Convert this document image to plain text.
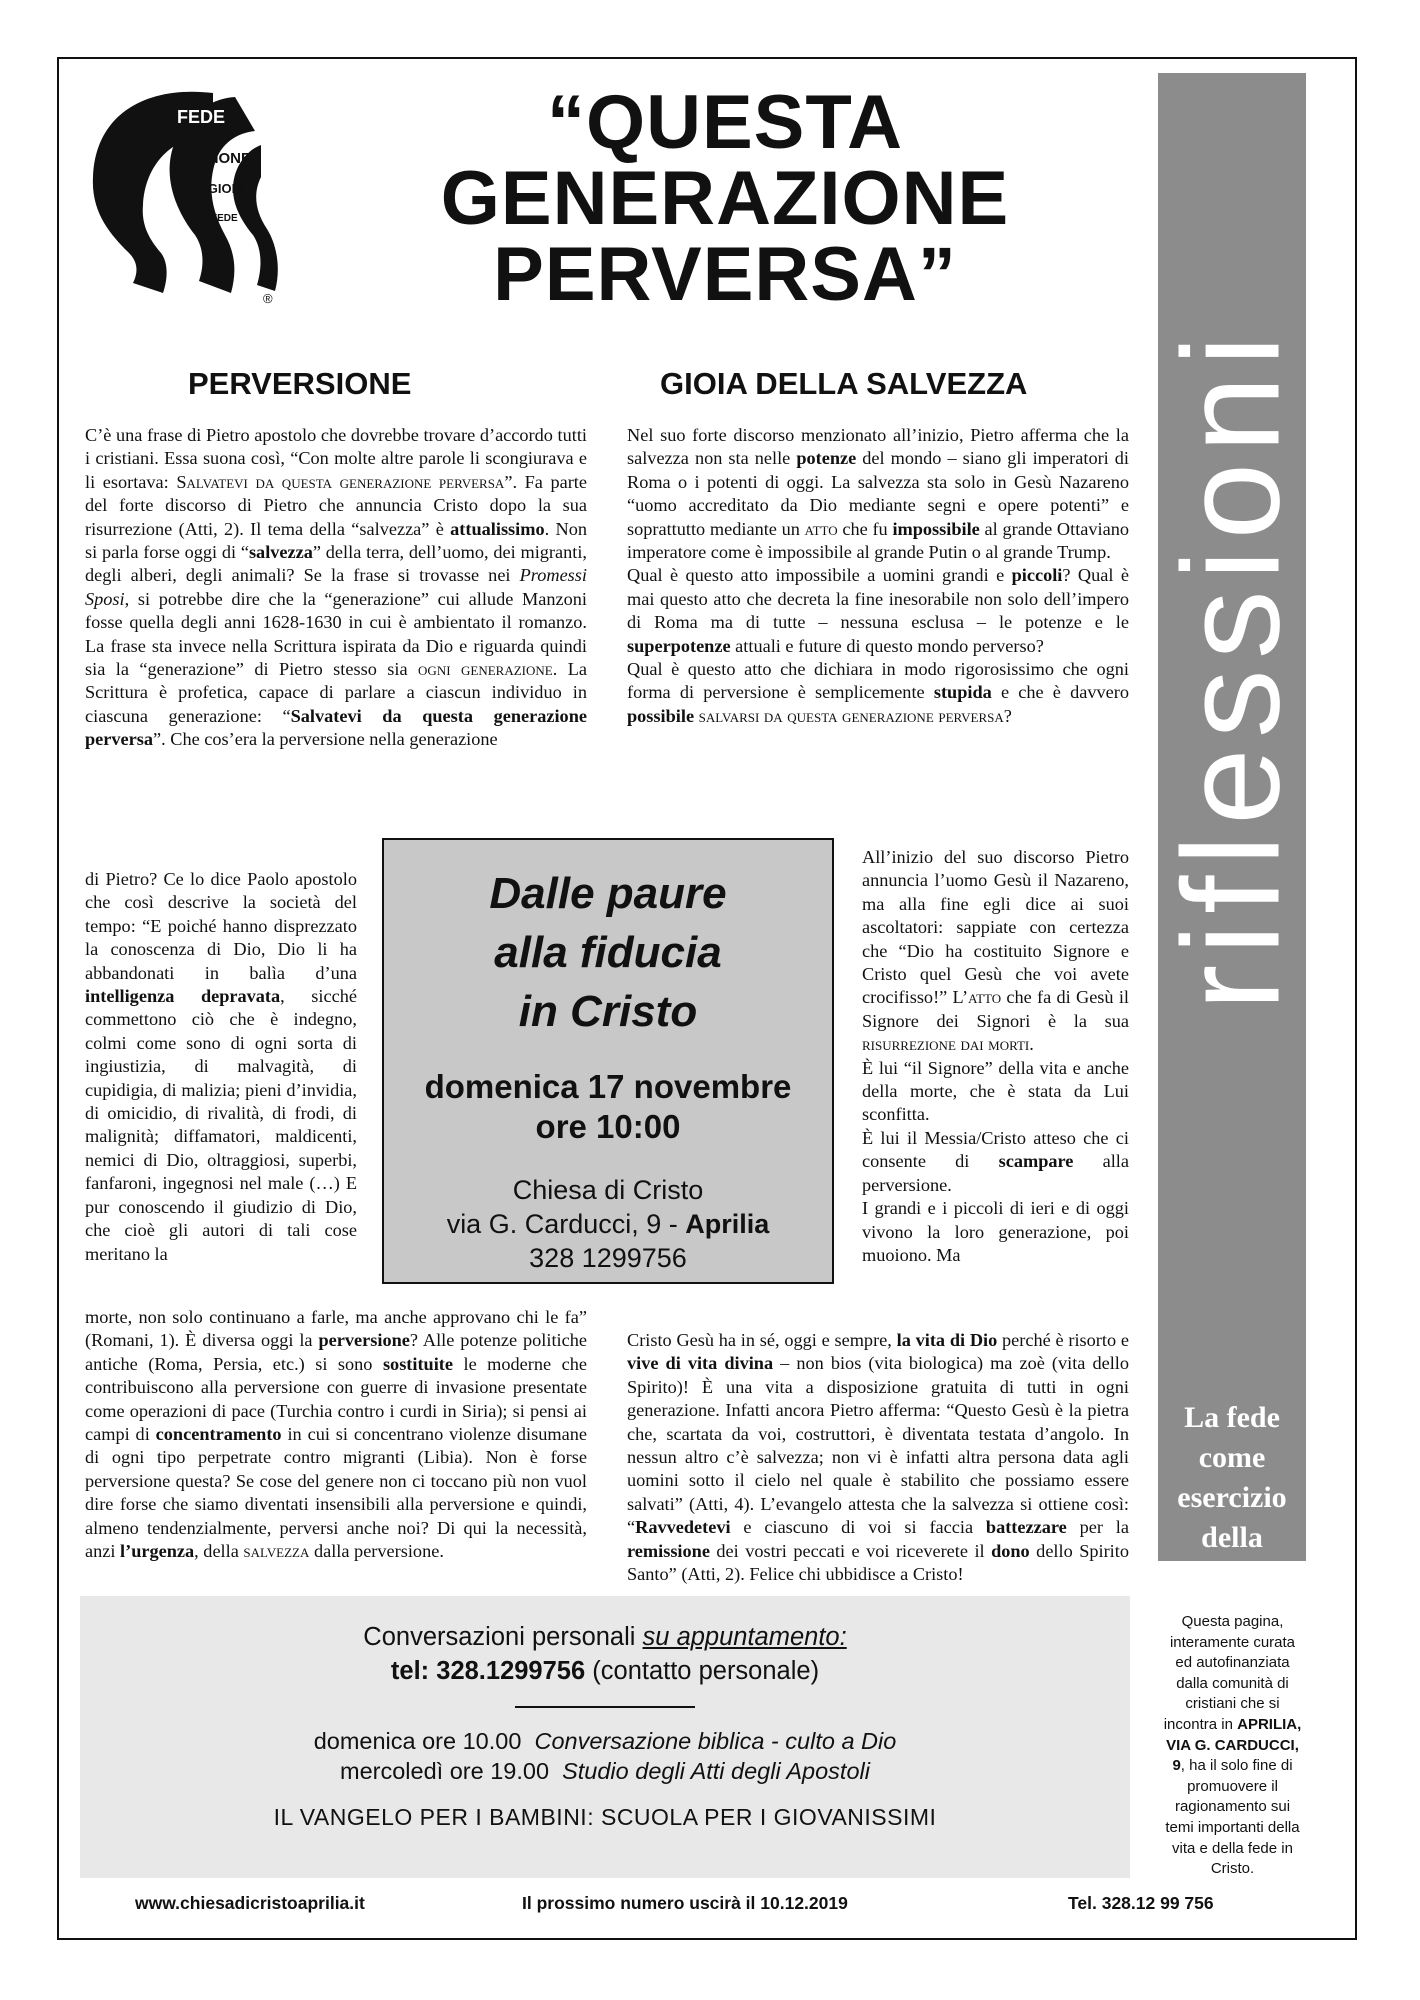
FEDE
RAGIONE
RAGIONE
FEDE
®
“QUESTA
GENERAZIONE
PERVERSA”
riflessioni
La fede
come
esercizio
della
mente
PERVERSIONE	GIOIA DELLA SALVEZZA

C’è una frase di Pietro apostolo che dovrebbe trovare d’accordo tutti i cristiani. Essa suona così, “Con molte altre parole li scongiurava e li esortava: Salvatevi da questa generazione perversa”. Fa parte del forte discorso di Pietro che annuncia Cristo dopo la sua risurrezione (Atti, 2). Il tema della “salvezza” è attualissimo. Non si parla forse oggi di “salvezza” della terra, dell’uomo, dei migranti, degli alberi, degli animali? Se la frase si trovasse nei Promessi Sposi, si potrebbe dire che la “generazione” cui allude Manzoni fosse quella degli anni 1628-1630 in cui è ambientato il romanzo. La frase sta invece nella Scrittura ispirata da Dio e riguarda quindi sia la “generazione” di Pietro stesso sia ogni generazione. La Scrittura è profetica, capace di parlare a ciascun individuo in ciascuna generazione: “Salvatevi da questa generazione perversa”. Che cos’era la perversione nella generazione

di Pietro? Ce lo dice Paolo apostolo che così descrive la società del tempo: “E poiché hanno disprezzato la conoscenza di Dio, Dio li ha abbandonati in balìa d’una intelligenza depravata, sicché commettono ciò che è indegno, colmi come sono di ogni sorta di ingiustizia, di malvagità, di cupidigia, di malizia; pieni d’invidia, di omicidio, di rivalità, di frodi, di malignità; diffamatori, maldicenti, nemici di Dio, oltraggiosi, superbi, fanfaroni, ingegnosi nel male (…) E pur conoscendo il giudizio di Dio, che cioè gli autori di tali cose meritano la

morte, non solo continuano a farle, ma anche approvano chi le fa” (Romani, 1). È diversa oggi la perversione? Alle potenze politiche antiche (Roma, Persia, etc.) si sono sostituite le moderne che contribuiscono alla perversione con guerre di invasione presentate come operazioni di pace (Turchia contro i curdi in Siria); si pensi ai campi di concentramento in cui si concentrano violenze disumane di ogni tipo perpetrate contro migranti (Libia). Non è forse perversione questa? Se cose del genere non ci toccano più non vuol dire forse che siamo diventati insensibili alla perversione e quindi, almeno tendenzialmente, perversi anche noi? Di qui la necessità, anzi l’urgenza, della salvezza dalla perversione.

Nel suo forte discorso menzionato all’inizio, Pietro afferma che la salvezza non sta nelle potenze del mondo – siano gli imperatori di Roma o i potenti di oggi. La salvezza sta solo in Gesù Nazareno “uomo accreditato da Dio mediante segni e opere potenti” e soprattutto mediante un atto che fu impossibile al grande Ottaviano imperatore come è impossibile al grande Putin o al grande Trump.

Qual è questo atto impossibile a uomini grandi e piccoli? Qual è mai questo atto che decreta la fine inesorabile non solo dell’impero di Roma ma di tutte – nessuna esclusa – le potenze e le superpotenze attuali e future di questo mondo perverso?

Qual è questo atto che dichiara in modo rigorosissimo che ogni forma di perversione è semplicemente stupida e che è davvero possibile salvarsi da questa generazione perversa?

All’inizio del suo discorso Pietro annuncia l’uomo Gesù il Nazareno, ma alla fine egli dice ai suoi ascoltatori: sappiate con certezza che “Dio ha costituito Signore e Cristo quel Gesù che voi avete crocifisso!” L’atto che fa di Gesù il Signore dei Signori è la sua risurrezione dai morti.

È lui “il Signore” della vita e anche della morte, che è stata da Lui sconfitta.

È lui il Messia/Cristo atteso che ci consente di scampare alla perversione.

I grandi e i piccoli di ieri e di oggi vivono la loro generazione, poi muoiono. Ma

Cristo Gesù ha in sé, oggi e sempre, la vita di Dio perché è risorto e vive di vita divina – non bios (vita biologica) ma zoè (vita dello Spirito)! È una vita a disposizione gratuita di tutti in ogni generazione. Infatti ancora Pietro afferma: “Questo Gesù è la pietra che, scartata da voi, costruttori, è diventata testata d’angolo. In nessun altro c’è salvezza; non vi è infatti altra persona data agli uomini sotto il cielo nel quale è stabilito che possiamo essere salvati” (Atti, 4). L’evangelo attesta che la salvezza si ottiene così: “Ravvedetevi e ciascuno di voi si faccia battezzare per la remissione dei vostri peccati e voi riceverete il dono dello Spirito Santo” (Atti, 2). Felice chi ubbidisce a Cristo!

Dalle paure
alla fiducia
in Cristo
domenica 17 novembre
ore 10:00
Chiesa di Cristo
via G. Carducci, 9 - Aprilia
328 1299756
Conversazioni personali su appuntamento:
tel: 328.1299756 (contatto personale)
domenica ore 10.00 Conversazione biblica - culto a Dio
mercoledì ore 19.00 Studio degli Atti degli Apostoli
IL VANGELO PER I BAMBINI: SCUOLA PER I GIOVANISSIMI
Questa pagina, interamente curata ed autofinanziata dalla comunità di cristiani che si incontra in APRILIA, VIA G. CARDUCCI, 9, ha il solo fine di promuovere il ragionamento sui temi importanti della vita e della fede in Cristo.
www.chiesadicristoaprilia.it	Il prossimo numero uscirà il 10.12.2019	Tel. 328.12 99 756
